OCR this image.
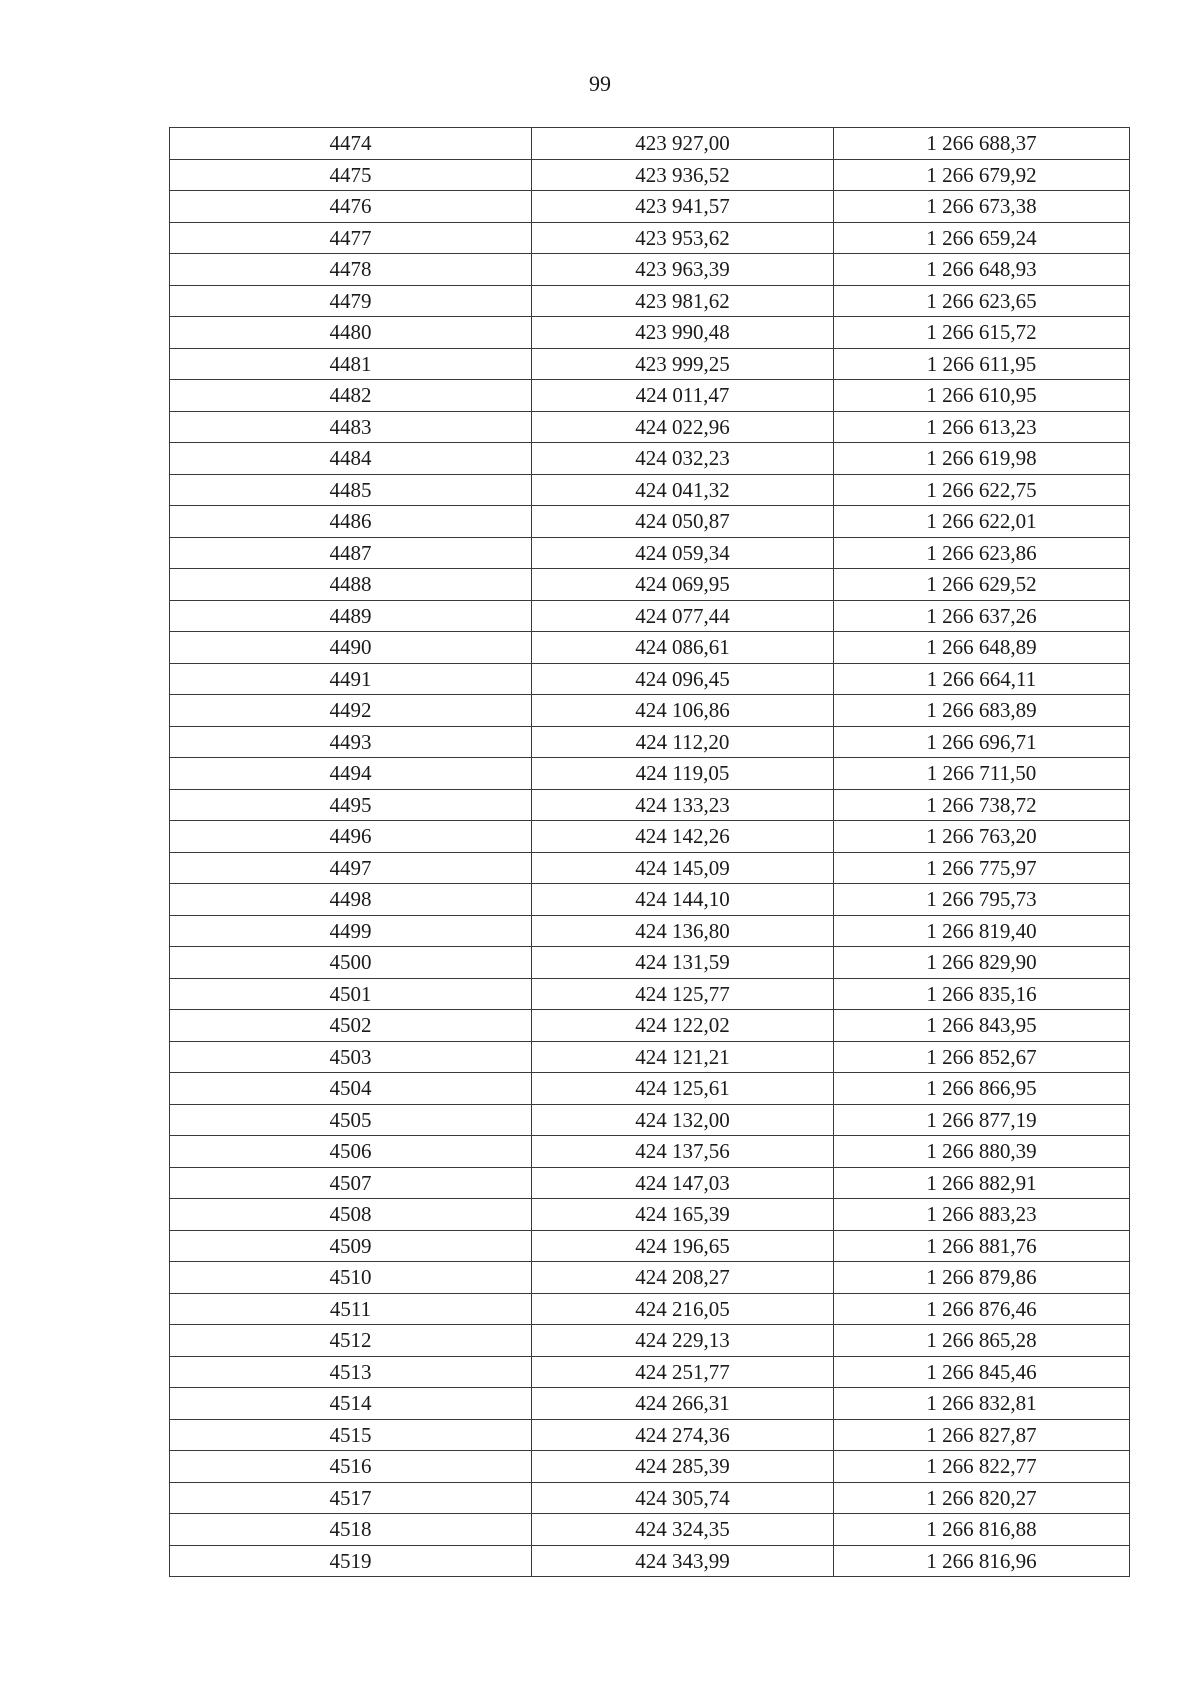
99
4474	423 927,00	1 266 688,37
4475	423 936,52	1 266 679,92
4476	423 941,57	1 266 673,38
4477	423 953,62	1 266 659,24
4478	423 963,39	1 266 648,93
4479	423 981,62	1 266 623,65
4480	423 990,48	1 266 615,72
4481	423 999,25	1 266 611,95
4482	424 011,47	1 266 610,95
4483	424 022,96	1 266 613,23
4484	424 032,23	1 266 619,98
4485	424 041,32	1 266 622,75
4486	424 050,87	1 266 622,01
4487	424 059,34	1 266 623,86
4488	424 069,95	1 266 629,52
4489	424 077,44	1 266 637,26
4490	424 086,61	1 266 648,89
4491	424 096,45	1 266 664,11
4492	424 106,86	1 266 683,89
4493	424 112,20	1 266 696,71
4494	424 119,05	1 266 711,50
4495	424 133,23	1 266 738,72
4496	424 142,26	1 266 763,20
4497	424 145,09	1 266 775,97
4498	424 144,10	1 266 795,73
4499	424 136,80	1 266 819,40
4500	424 131,59	1 266 829,90
4501	424 125,77	1 266 835,16
4502	424 122,02	1 266 843,95
4503	424 121,21	1 266 852,67
4504	424 125,61	1 266 866,95
4505	424 132,00	1 266 877,19
4506	424 137,56	1 266 880,39
4507	424 147,03	1 266 882,91
4508	424 165,39	1 266 883,23
4509	424 196,65	1 266 881,76
4510	424 208,27	1 266 879,86
4511	424 216,05	1 266 876,46
4512	424 229,13	1 266 865,28
4513	424 251,77	1 266 845,46
4514	424 266,31	1 266 832,81
4515	424 274,36	1 266 827,87
4516	424 285,39	1 266 822,77
4517	424 305,74	1 266 820,27
4518	424 324,35	1 266 816,88
4519	424 343,99	1 266 816,96
